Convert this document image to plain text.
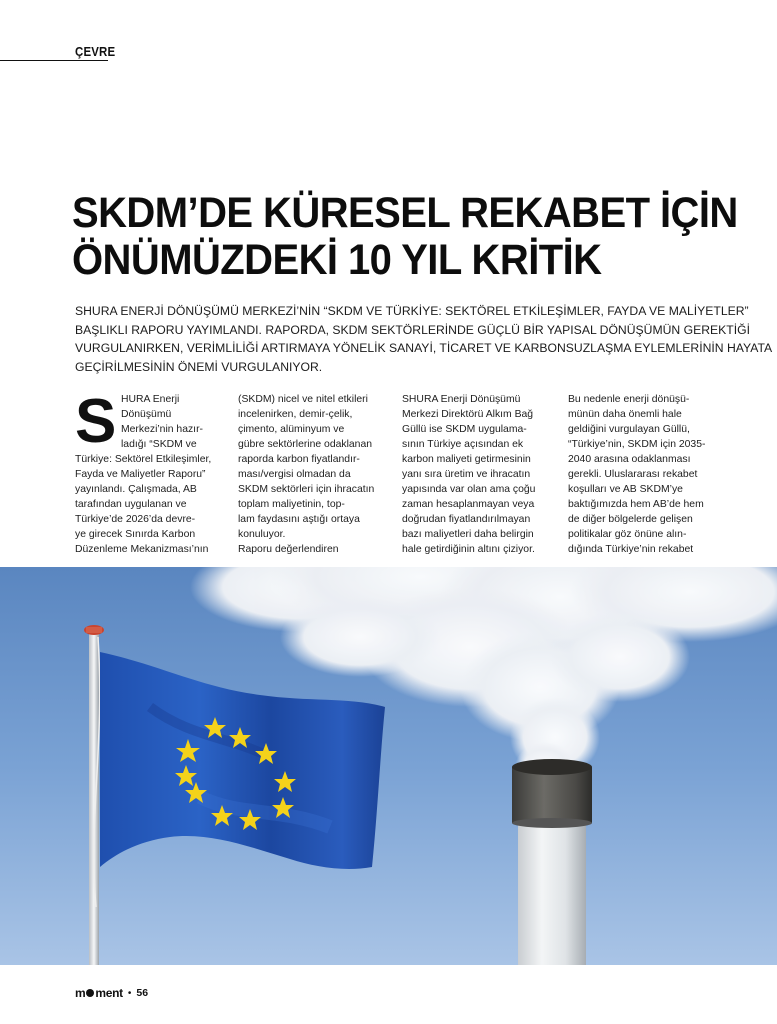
ÇEVRE
SKDM’DE KÜRESEL REKABET İÇİN
ÖNÜMÜZDEKİ 10 YIL KRİTİK

SHURA ENERJİ DÖNÜŞÜMÜ MERKEZİ’NİN “SKDM VE TÜRKİYE: SEKTÖREL ETKİLEŞİMLER, FAYDA VE MALİYETLER”
BAŞLIKLI RAPORU YAYIMLANDI. RAPORDA, SKDM SEKTÖRLERİNDE GÜÇLÜ BİR YAPISAL DÖNÜŞÜMÜN GEREKTİĞİ
VURGULANIRKEN, VERİMLİLİĞİ ARTIRMAYA YÖNELİK SANAYİ, TİCARET VE KARBONSUZLAŞMA EYLEMLERİNİN HAYATA
GEÇİRİLMESİNİN ÖNEMİ VURGULANIYOR.

S HURA Enerji
Dönüşümü
Merkezi’nin hazır-
ladığı “SKDM ve
Türkiye: Sektörel Etkileşimler,
Fayda ve Maliyetler Raporu”
yayınlandı. Çalışmada, AB
tarafından uygulanan ve
Türkiye’de 2026’da devre-
ye girecek Sınırda Karbon
Düzenleme Mekanizması’nın
(SKDM) nicel ve nitel etkileri
incelenirken, demir-çelik,
çimento, alüminyum ve
gübre sektörlerine odaklanan
raporda karbon fiyatlandır-
ması/vergisi olmadan da
SKDM sektörleri için ihracatın
toplam maliyetinin, top-
lam faydasını aştığı ortaya
konuluyor.
Raporu değerlendiren
SHURA Enerji Dönüşümü
Merkezi Direktörü Alkım Bağ
Güllü ise SKDM uygulama-
sının Türkiye açısından ek
karbon maliyeti getirmesinin
yanı sıra üretim ve ihracatın
yapısında var olan ama çoğu
zaman hesaplanmayan veya
doğrudan fiyatlandırılmayan
bazı maliyetleri daha belirgin
hale getirdiğinin altını çiziyor.
Bu nedenle enerji dönüşü-
münün daha önemli hale
geldiğini vurgulayan Güllü,
“Türkiye’nin, SKDM için 2035-
2040 arasına odaklanması
gerekli. Uluslararası rekabet
koşulları ve AB SKDM’ye
baktığımızda hem AB’de hem
de diğer bölgelerde gelişen
politikalar göz önüne alın-
dığında Türkiye’nin rekabet
m ment • 56
